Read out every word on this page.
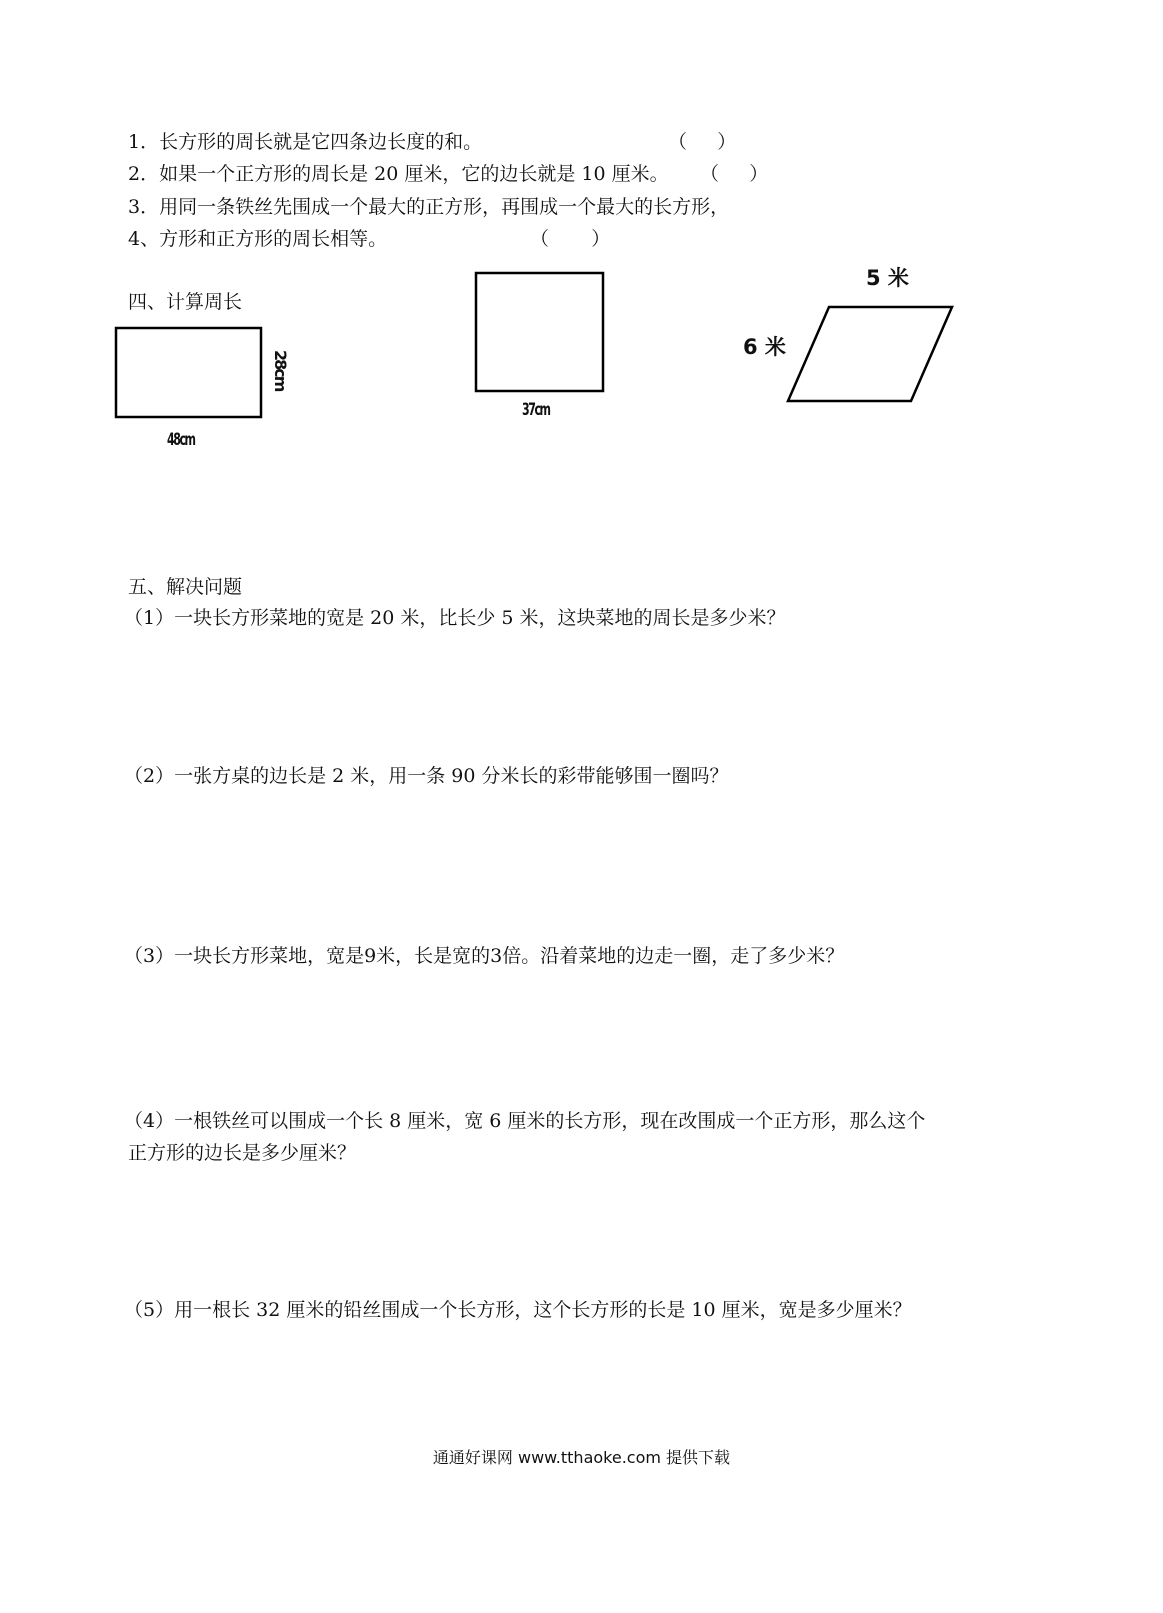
1．长方形的周长就是它四条边长度的和。	（     ）
2．如果一个正方形的周长是 20 厘米，它的边长就是 10 厘米。 （     ）
3．用同一条铁丝先围成一个最大的正方形，再围成一个最大的长方形，
4、方形和正方形的周长相等。	（       ）
四、计算周长
48cm
28cm
37cm
5 米
6 米
五、解决问题
（1）一块长方形菜地的宽是 20 米，比长少 5 米，这块菜地的周长是多少米？
（2）一张方桌的边长是 2 米，用一条 90 分米长的彩带能够围一圈吗？
（3）一块长方形菜地，宽是9米，长是宽的3倍。沿着菜地的边走一圈，走了多少米？
（4）一根铁丝可以围成一个长 8 厘米，宽 6 厘米的长方形，现在改围成一个正方形，那么这个
正方形的边长是多少厘米？
（5）用一根长 32 厘米的铅丝围成一个长方形，这个长方形的长是 10 厘米，宽是多少厘米？
通通好课网 www.tthaoke.com 提供下载
